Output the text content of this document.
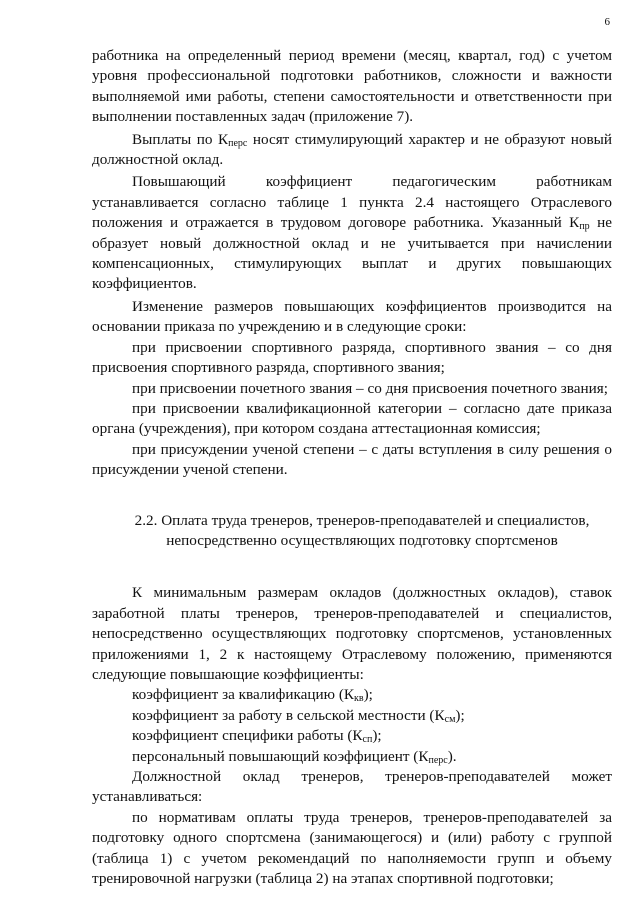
6

работника на определенный период времени (месяц, квартал, год) с учетом уровня профессиональной подготовки работников, сложности и важности выполняемой ими работы, степени самостоятельности и ответственности при выполнении поставленных задач (приложение 7).

Выплаты по $К_{перс}$ носят стимулирующий характер и не образуют новый должностной оклад.

Повышающий коэффициент педагогическим работникам устанавливается согласно таблице 1 пункта 2.4 настоящего Отраслевого положения и отражается в трудовом договоре работника. Указанный $К_{пр}$ не образует новый должностной оклад и не учитывается при начислении компенсационных, стимулирующих выплат и других повышающих коэффициентов.

Изменение размеров повышающих коэффициентов производится на основании приказа по учреждению и в следующие сроки:

при присвоении спортивного разряда, спортивного звания – со дня присвоения спортивного разряда, спортивного звания;

при присвоении почетного звания – со дня присвоения почетного звания;

при присвоении квалификационной категории – согласно дате приказа органа (учреждения), при котором создана аттестационная комиссия;

при присуждении ученой степени – с даты вступления в силу решения о присуждении ученой степени.

2.2. Оплата труда тренеров, тренеров-преподавателей и специалистов,
непосредственно осуществляющих подготовку спортсменов

К минимальным размерам окладов (должностных окладов), ставок заработной платы тренеров, тренеров-преподавателей и специалистов, непосредственно осуществляющих подготовку спортсменов, установленных приложениями 1, 2 к настоящему Отраслевому положению, применяются следующие повышающие коэффициенты:

коэффициент за квалификацию $(К_{кв})$;

коэффициент за работу в сельской местности $(К_{см})$;

коэффициент специфики работы $(К_{сп})$;

персональный повышающий коэффициент $(К_{перс})$.

Должностной оклад тренеров, тренеров-преподавателей может устанавливаться:

по нормативам оплаты труда тренеров, тренеров-преподавателей за подготовку одного спортсмена (занимающегося) и (или) работу с группой (таблица 1) с учетом рекомендаций по наполняемости групп и объему тренировочной нагрузки (таблица 2) на этапах спортивной подготовки;
